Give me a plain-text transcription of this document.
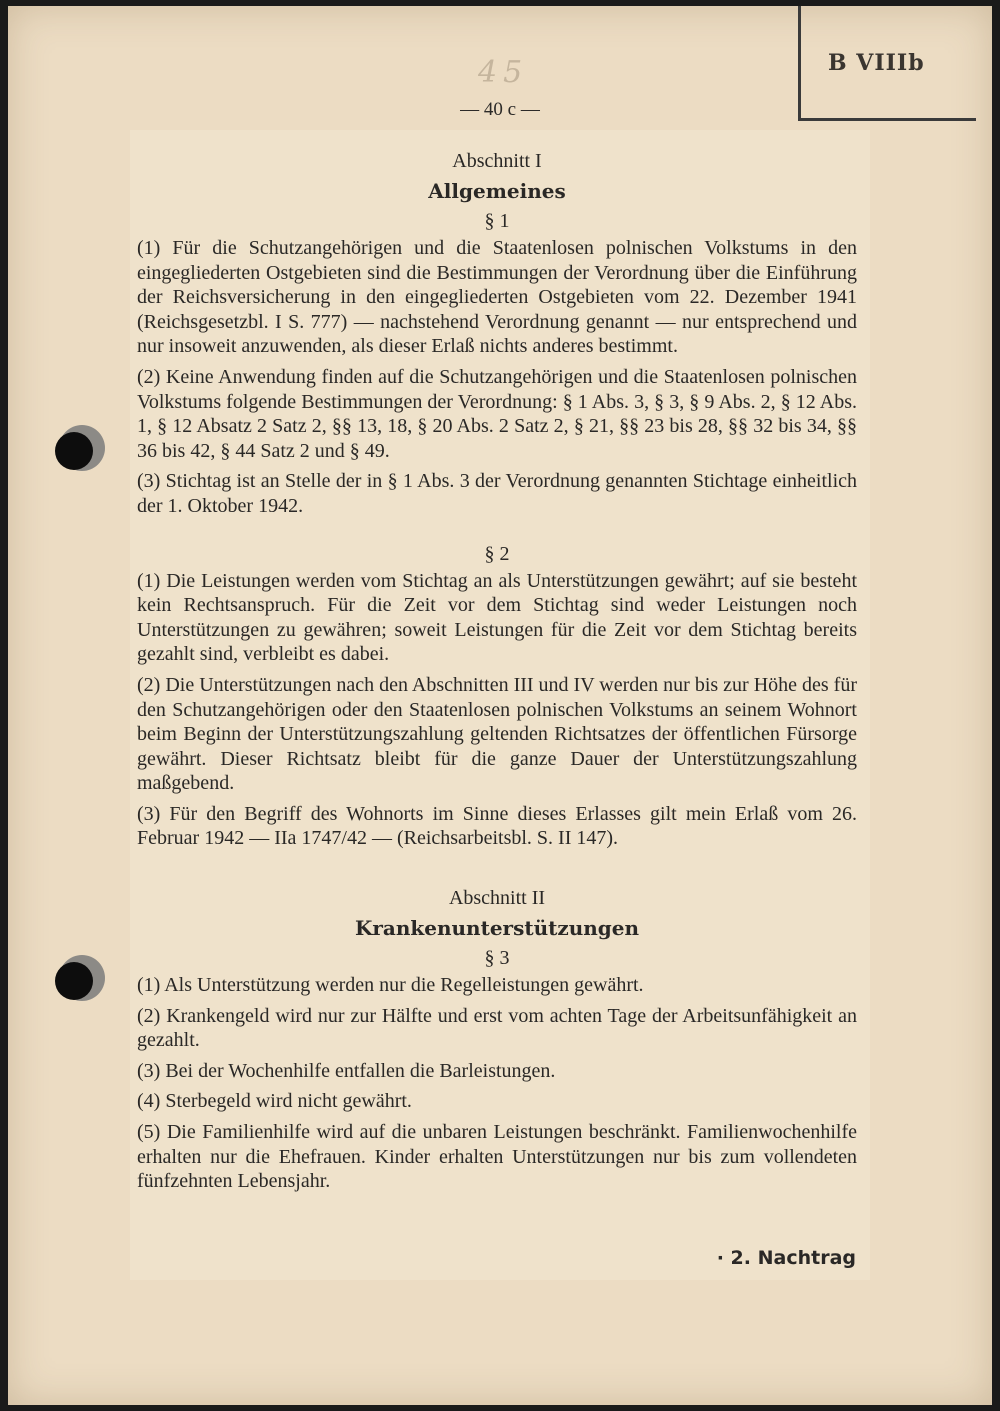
B VIIIb
45
— 40 c —

Abschnitt I

Allgemeines

§ 1

(1) Für die Schutzangehörigen und die Staatenlosen polnischen Volkstums in den eingegliederten Ostgebieten sind die Bestimmungen der Verordnung über die Einführung der Reichsversicherung in den eingegliederten Ostgebieten vom 22. Dezember 1941 (Reichsgesetzbl. I S. 777) — nachstehend Verordnung genannt — nur entsprechend und nur insoweit anzuwenden, als dieser Erlaß nichts anderes bestimmt.

(2) Keine Anwendung finden auf die Schutzangehörigen und die Staatenlosen polnischen Volkstums folgende Bestimmungen der Verordnung: § 1 Abs. 3, § 3, § 9 Abs. 2, § 12 Abs. 1, § 12 Absatz 2 Satz 2, §§ 13, 18, § 20 Abs. 2 Satz 2, § 21, §§ 23 bis 28, §§ 32 bis 34, §§ 36 bis 42, § 44 Satz 2 und § 49.

(3) Stichtag ist an Stelle der in § 1 Abs. 3 der Verordnung genannten Stichtage einheitlich der 1. Oktober 1942.

§ 2

(1) Die Leistungen werden vom Stichtag an als Unterstützungen gewährt; auf sie besteht kein Rechtsanspruch. Für die Zeit vor dem Stichtag sind weder Leistungen noch Unterstützungen zu gewähren; soweit Leistungen für die Zeit vor dem Stichtag bereits gezahlt sind, verbleibt es dabei.

(2) Die Unterstützungen nach den Abschnitten III und IV werden nur bis zur Höhe des für den Schutzangehörigen oder den Staatenlosen polnischen Volkstums an seinem Wohnort beim Beginn der Unterstützungszahlung geltenden Richtsatzes der öffentlichen Fürsorge gewährt. Dieser Richtsatz bleibt für die ganze Dauer der Unterstützungszahlung maßgebend.

(3) Für den Begriff des Wohnorts im Sinne dieses Erlasses gilt mein Erlaß vom 26. Februar 1942 — IIa 1747/42 — (Reichsarbeitsbl. S. II 147).

Abschnitt II

Krankenunterstützungen

§ 3

(1) Als Unterstützung werden nur die Regelleistungen gewährt.

(2) Krankengeld wird nur zur Hälfte und erst vom achten Tage der Arbeitsunfähigkeit an gezahlt.

(3) Bei der Wochenhilfe entfallen die Barleistungen.

(4) Sterbegeld wird nicht gewährt.

(5) Die Familienhilfe wird auf die unbaren Leistungen beschränkt. Familienwochenhilfe erhalten nur die Ehefrauen. Kinder erhalten Unterstützungen nur bis zum vollendeten fünfzehnten Lebensjahr.

· 2. Nachtrag
